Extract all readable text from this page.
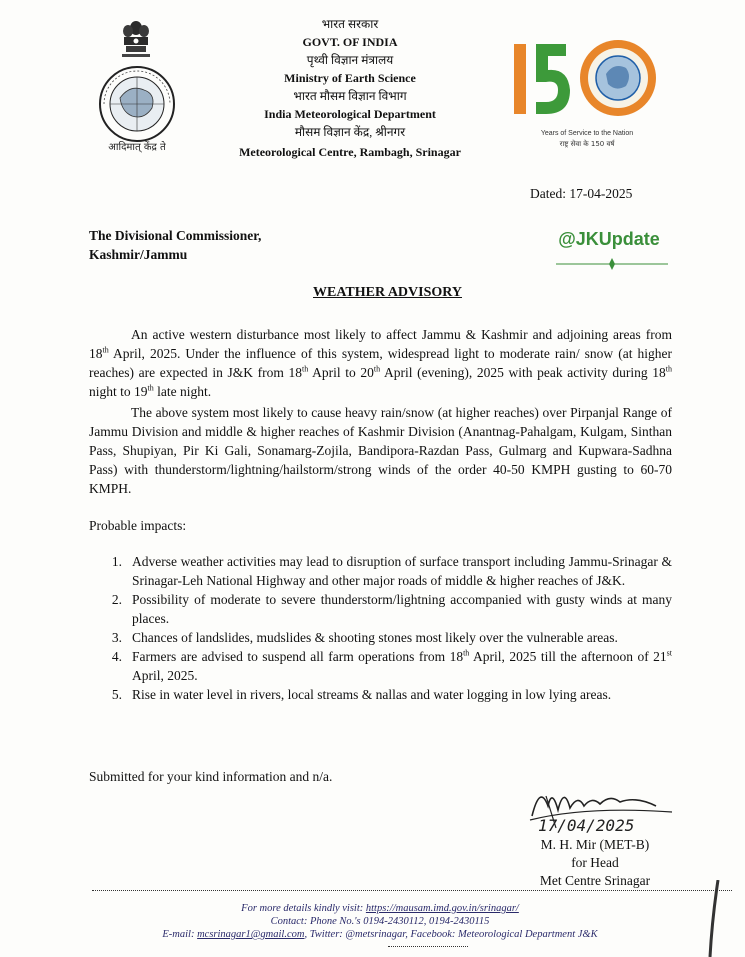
आदिमात् केंद्र ते
भारत सरकार
GOVT. OF INDIA
पृथ्वी विज्ञान मंत्रालय
Ministry of Earth Science
भारत मौसम विज्ञान विभाग
India Meteorological Department
मौसम विज्ञान केंद्र, श्रीनगर
Meteorological Centre, Rambagh, Srinagar
Years of Service to the Nation
राष्ट्र सेवा के 150 वर्ष
Dated: 17-04-2025
The Divisional Commissioner,
Kashmir/Jammu
@JKUpdate
WEATHER ADVISORY
An active western disturbance most likely to affect Jammu & Kashmir and adjoining areas from 18th April, 2025. Under the influence of this system, widespread light to moderate rain/ snow (at higher reaches) are expected in J&K from 18th April to 20th April (evening), 2025 with peak activity during 18th night to 19th late night.
The above system most likely to cause heavy rain/snow (at higher reaches) over Pirpanjal Range of Jammu Division and middle & higher reaches of Kashmir Division (Anantnag-Pahalgam, Kulgam, Sinthan Pass, Shupiyan, Pir Ki Gali, Sonamarg-Zojila, Bandipora-Razdan Pass, Gulmarg and Kupwara-Sadhna Pass) with thunderstorm/lightning/hailstorm/strong winds of the order 40-50 KMPH gusting to 60-70 KMPH.
Probable impacts:
1. Adverse weather activities may lead to disruption of surface transport including Jammu-Srinagar & Srinagar-Leh National Highway and other major roads of middle & higher reaches of J&K.
2. Possibility of moderate to severe thunderstorm/lightning accompanied with gusty winds at many places.
3. Chances of landslides, mudslides & shooting stones most likely over the vulnerable areas.
4. Farmers are advised to suspend all farm operations from 18th April, 2025 till the afternoon of 21st April, 2025.
5. Rise in water level in rivers, local streams & nallas and water logging in low lying areas.
Submitted for your kind information and n/a.
17/04/2025
M. H. Mir (MET-B)
for Head
Met Centre Srinagar
For more details kindly visit: https://mausam.imd.gov.in/srinagar/
Contact: Phone No.'s 0194-2430112, 0194-2430115
E-mail: mcsrinagar1@gmail.com, Twitter: @metsrinagar, Facebook: Meteorological Department J&K
